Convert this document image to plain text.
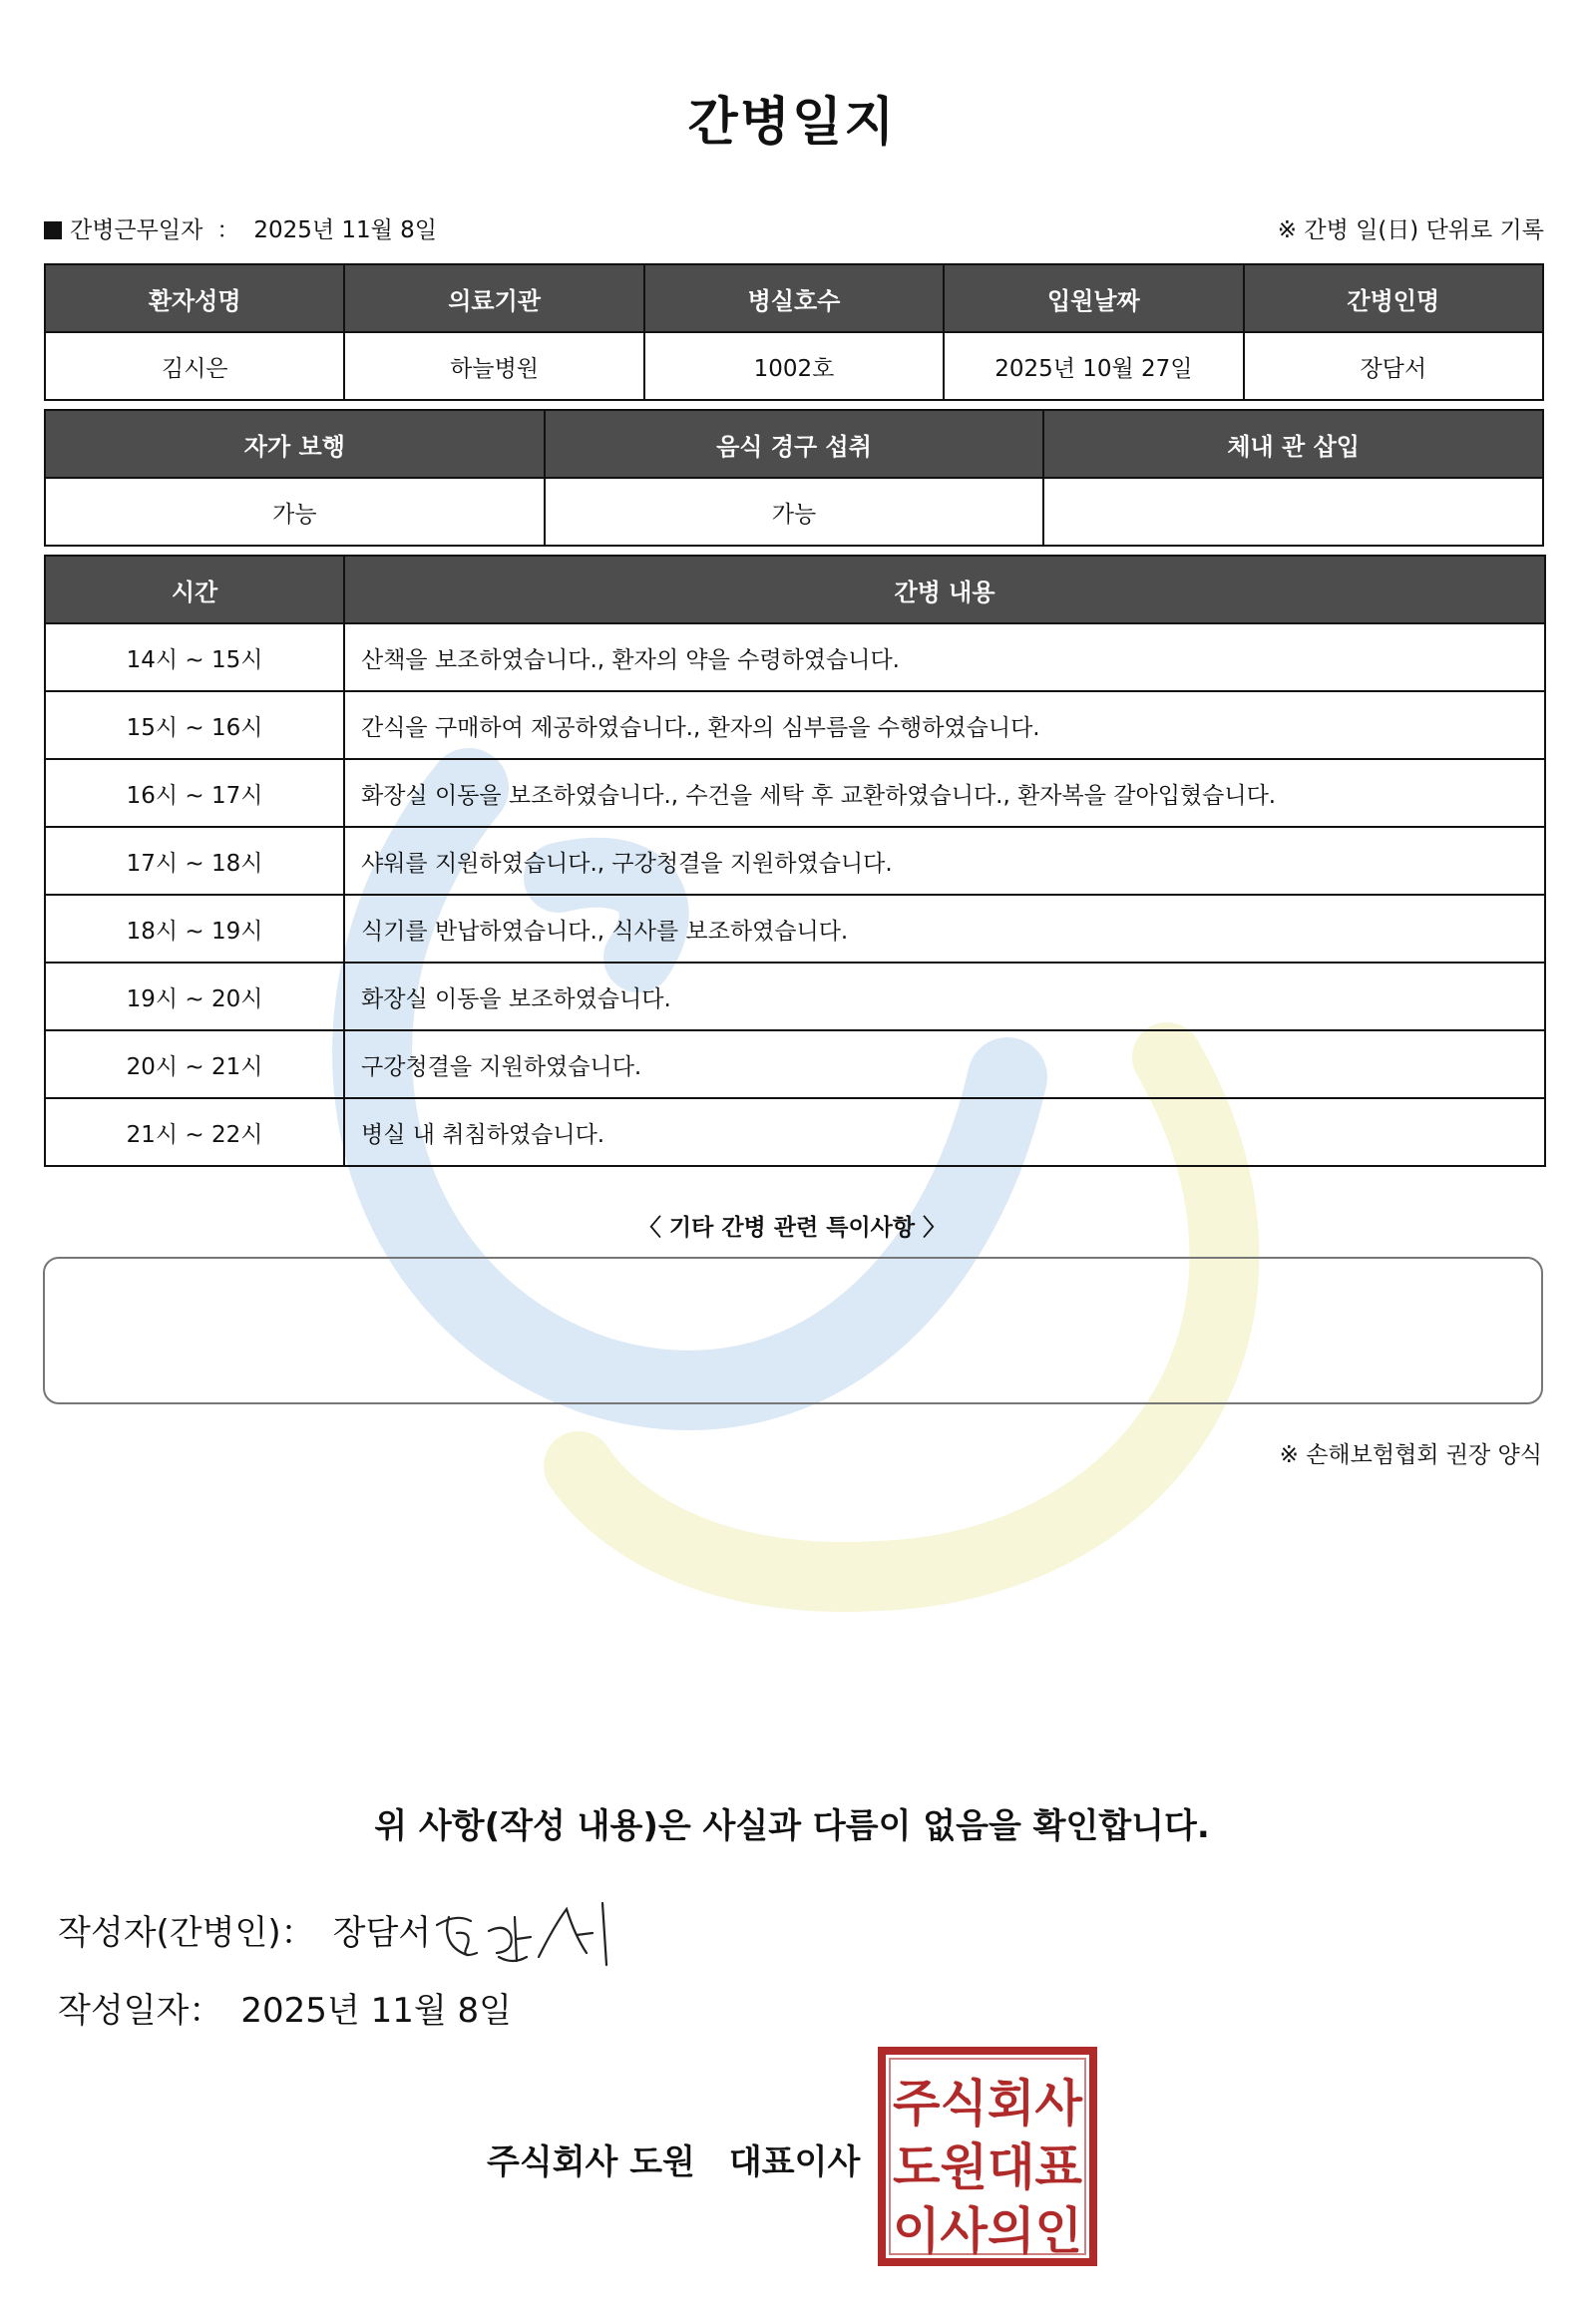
간병일지
간병근무일자 ： 2025년 11월 8일	※ 간병 일(日) 단위로 기록
환자성명	의료기관	병실호수	입원날짜	간병인명
김시은	하늘병원	1002호	2025년 10월 27일	장담서
자가 보행	음식 경구 섭취	체내 관 삽입
가능	가능	
시간	간병 내용
14시 ~ 15시	산책을 보조하였습니다., 환자의 약을 수령하였습니다.
15시 ~ 16시	간식을 구매하여 제공하였습니다., 환자의 심부름을 수행하였습니다.
16시 ~ 17시	화장실 이동을 보조하였습니다., 수건을 세탁 후 교환하였습니다., 환자복을 갈아입혔습니다.
17시 ~ 18시	샤워를 지원하였습니다., 구강청결을 지원하였습니다.
18시 ~ 19시	식기를 반납하였습니다., 식사를 보조하였습니다.
19시 ~ 20시	화장실 이동을 보조하였습니다.
20시 ~ 21시	구강청결을 지원하였습니다.
21시 ~ 22시	병실 내 취침하였습니다.
〈 기타 간병 관련 특이사항 〉
※ 손해보험협회 권장 양식
위 사항(작성 내용)은 사실과 다름이 없음을 확인합니다.
작성자(간병인)： 장담서
작성일자： 2025년 11월 8일
주식회사 도원 대표이사
주식회사
도원대표
이사의인
